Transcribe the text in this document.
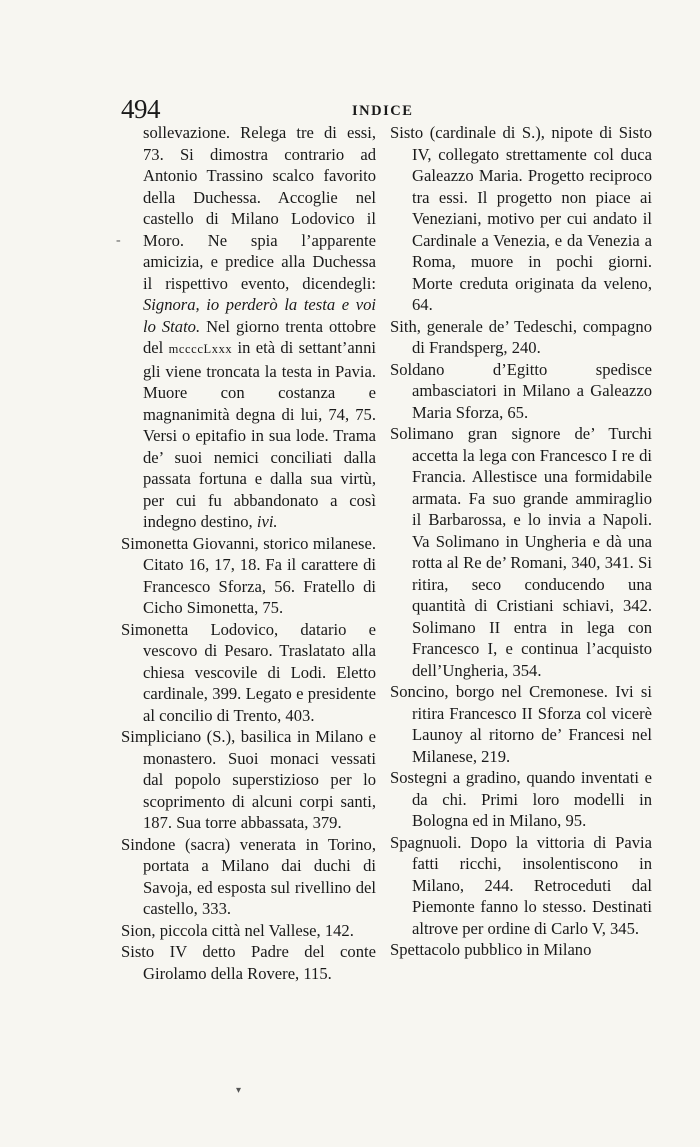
494	INDICE

sollevazione. Relega tre di essi, 73. Si dimostra contrario ad Antonio Trassino scalco favorito della Duchessa. Accoglie nel castello di Milano Lodovico il Moro. Ne spia l’apparente amicizia, e predice alla Duchessa il rispettivo evento, dicendegli: Signora, io perderò la testa e voi lo Stato. Nel giorno trenta ottobre del mccccLxxx in età di settant’anni gli viene troncata la testa in Pavia. Muore con costanza e magnanimità degna di lui, 74, 75. Versi o epitafio in sua lode. Trama de’ suoi nemici conciliati dalla passata fortuna e dalla sua virtù, per cui fu abbandonato a così indegno destino, ivi.

Simonetta Giovanni, storico milanese. Citato 16, 17, 18. Fa il carattere di Francesco Sforza, 56. Fratello di Cicho Simonetta, 75.

Simonetta Lodovico, datario e vescovo di Pesaro. Traslatato alla chiesa vescovile di Lodi. Eletto cardinale, 399. Legato e presidente al concilio di Trento, 403.

Simpliciano (S.), basilica in Milano e monastero. Suoi monaci vessati dal popolo superstizioso per lo scoprimento di alcuni corpi santi, 187. Sua torre abbassata, 379.

Sindone (sacra) venerata in Torino, portata a Milano dai duchi di Savoja, ed esposta sul rivellino del castello, 333.

Sion, piccola città nel Vallese, 142.

Sisto IV detto Padre del conte Girolamo della Rovere, 115.

Sisto (cardinale di S.), nipote di Sisto IV, collegato strettamente col duca Galeazzo Maria. Progetto reciproco tra essi. Il progetto non piace ai Veneziani, motivo per cui andato il Cardinale a Venezia, e da Venezia a Roma, muore in pochi giorni. Morte creduta originata da veleno, 64.

Sith, generale de’ Tedeschi, compagno di Frandsperg, 240.

Soldano d’Egitto spedisce ambasciatori in Milano a Galeazzo Maria Sforza, 65.

Solimano gran signore de’ Turchi accetta la lega con Francesco I re di Francia. Allestisce una formidabile armata. Fa suo grande ammiraglio il Barbarossa, e lo invia a Napoli. Va Solimano in Ungheria e dà una rotta al Re de’ Romani, 340, 341. Si ritira, seco conducendo una quantità di Cristiani schiavi, 342. Solimano II entra in lega con Francesco I, e continua l’acquisto dell’Ungheria, 354.

Soncino, borgo nel Cremonese. Ivi si ritira Francesco II Sforza col vicerè Launoy al ritorno de’ Francesi nel Milanese, 219.

Sostegni a gradino, quando inventati e da chi. Primi loro modelli in Bologna ed in Milano, 95.

Spagnuoli. Dopo la vittoria di Pavia fatti ricchi, insolentiscono in Milano, 244. Retroceduti dal Piemonte fanno lo stesso. Destinati altrove per ordine di Carlo V, 345.

Spettacolo pubblico in Milano

-
▾
